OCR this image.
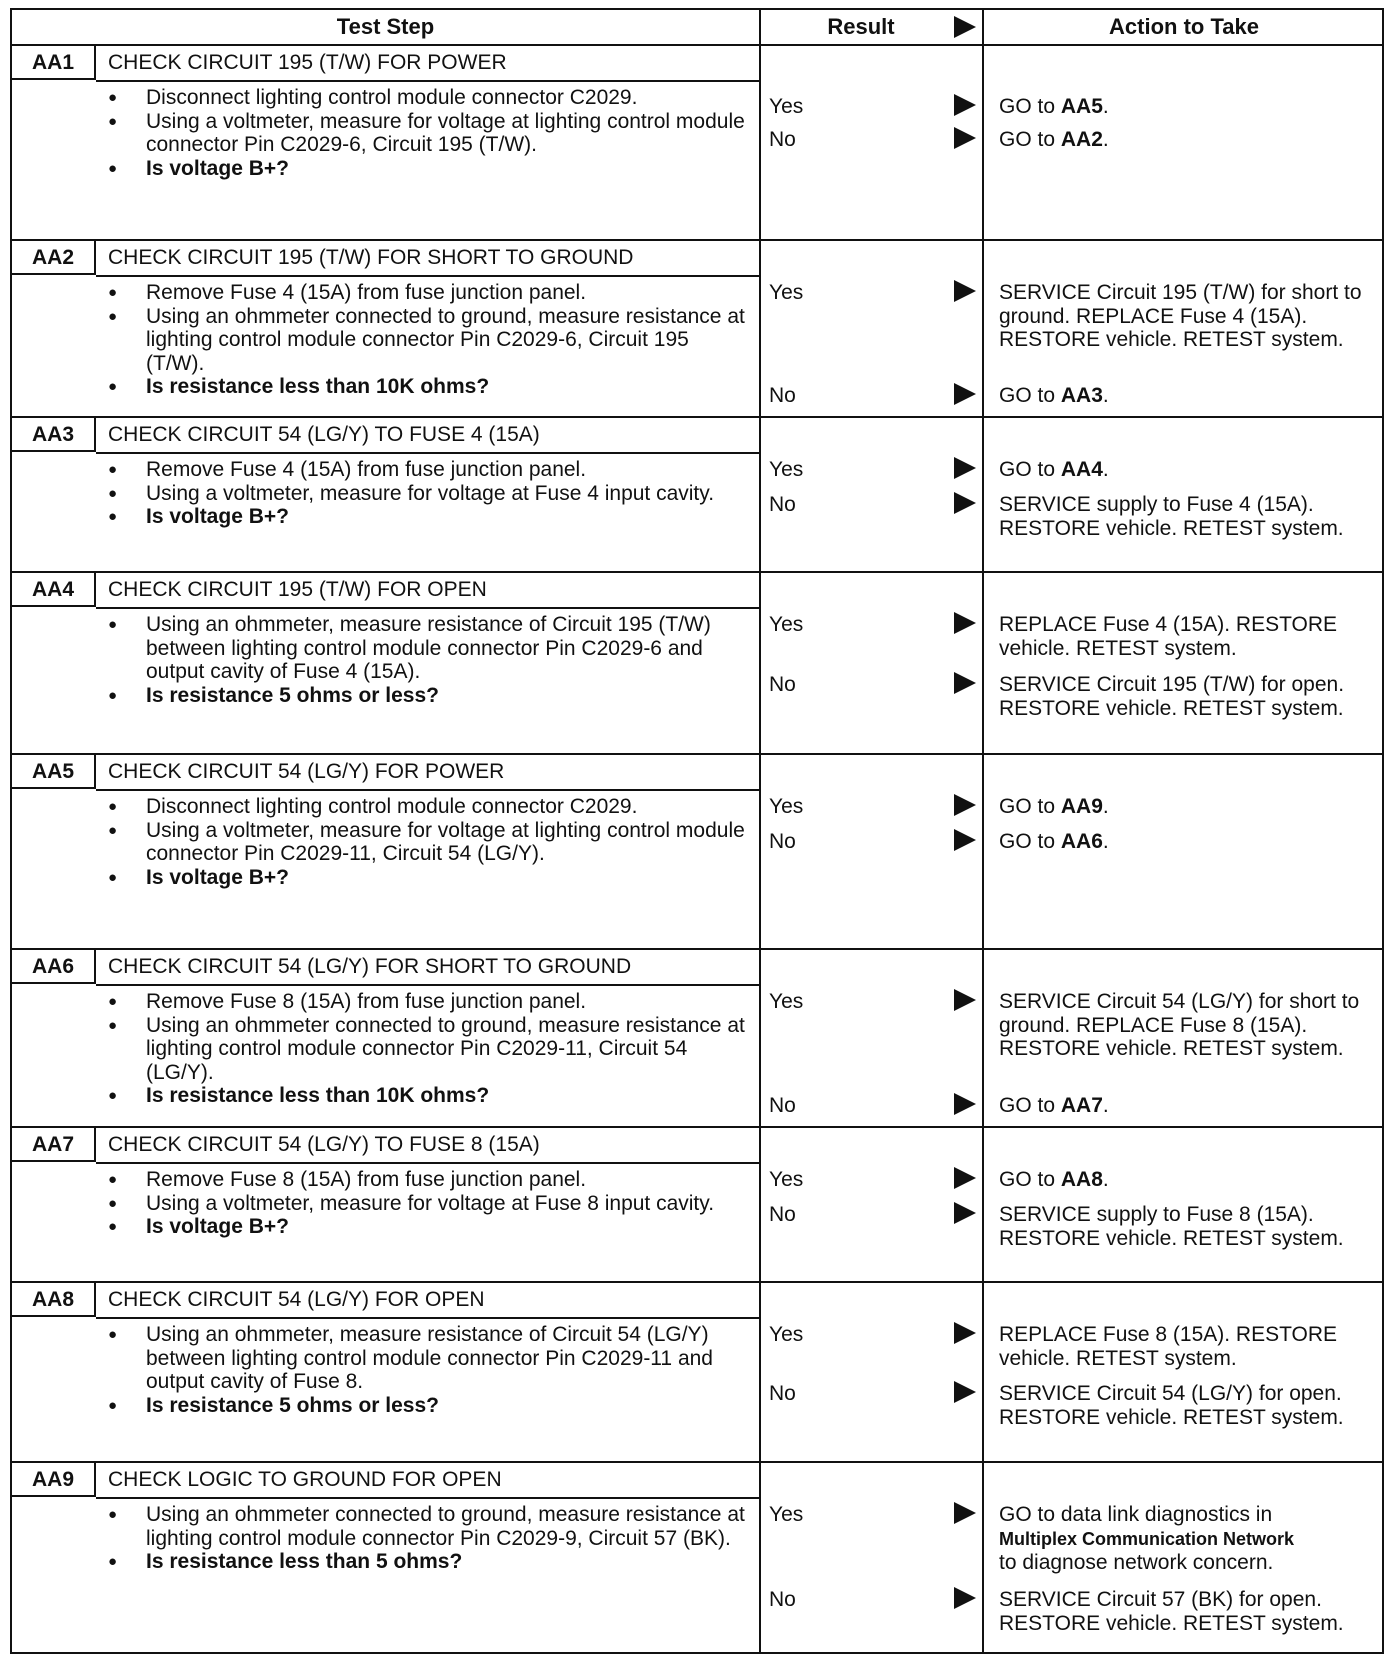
Test Step	Result	Action to Take
AA1	CHECK CIRCUIT 195 (T/W) FOR POWER
● Disconnect lighting control module connector C2029.
● Using a voltmeter, measure for voltage at lighting control module connector Pin C2029-6, Circuit 195 (T/W).
● Is voltage B+?
Yes	GO to AA5.
No	GO to AA2.
AA2	CHECK CIRCUIT 195 (T/W) FOR SHORT TO GROUND
● Remove Fuse 4 (15A) from fuse junction panel.
● Using an ohmmeter connected to ground, measure resistance at lighting control module connector Pin C2029-6, Circuit 195 (T/W).
● Is resistance less than 10K ohms?
Yes	SERVICE Circuit 195 (T/W) for short to ground. REPLACE Fuse 4 (15A). RESTORE vehicle. RETEST system.
No	GO to AA3.
AA3	CHECK CIRCUIT 54 (LG/Y) TO FUSE 4 (15A)
● Remove Fuse 4 (15A) from fuse junction panel.
● Using a voltmeter, measure for voltage at Fuse 4 input cavity.
● Is voltage B+?
Yes	GO to AA4.
No	SERVICE supply to Fuse 4 (15A). RESTORE vehicle. RETEST system.
AA4	CHECK CIRCUIT 195 (T/W) FOR OPEN
● Using an ohmmeter, measure resistance of Circuit 195 (T/W) between lighting control module connector Pin C2029-6 and output cavity of Fuse 4 (15A).
● Is resistance 5 ohms or less?
Yes	REPLACE Fuse 4 (15A). RESTORE vehicle. RETEST system.
No	SERVICE Circuit 195 (T/W) for open. RESTORE vehicle. RETEST system.
AA5	CHECK CIRCUIT 54 (LG/Y) FOR POWER
● Disconnect lighting control module connector C2029.
● Using a voltmeter, measure for voltage at lighting control module connector Pin C2029-11, Circuit 54 (LG/Y).
● Is voltage B+?
Yes	GO to AA9.
No	GO to AA6.
AA6	CHECK CIRCUIT 54 (LG/Y) FOR SHORT TO GROUND
● Remove Fuse 8 (15A) from fuse junction panel.
● Using an ohmmeter connected to ground, measure resistance at lighting control module connector Pin C2029-11, Circuit 54 (LG/Y).
● Is resistance less than 10K ohms?
Yes	SERVICE Circuit 54 (LG/Y) for short to ground. REPLACE Fuse 8 (15A). RESTORE vehicle. RETEST system.
No	GO to AA7.
AA7	CHECK CIRCUIT 54 (LG/Y) TO FUSE 8 (15A)
● Remove Fuse 8 (15A) from fuse junction panel.
● Using a voltmeter, measure for voltage at Fuse 8 input cavity.
● Is voltage B+?
Yes	GO to AA8.
No	SERVICE supply to Fuse 8 (15A). RESTORE vehicle. RETEST system.
AA8	CHECK CIRCUIT 54 (LG/Y) FOR OPEN
● Using an ohmmeter, measure resistance of Circuit 54 (LG/Y) between lighting control module connector Pin C2029-11 and output cavity of Fuse 8.
● Is resistance 5 ohms or less?
Yes	REPLACE Fuse 8 (15A). RESTORE vehicle. RETEST system.
No	SERVICE Circuit 54 (LG/Y) for open. RESTORE vehicle. RETEST system.
AA9	CHECK LOGIC TO GROUND FOR OPEN
● Using an ohmmeter connected to ground, measure resistance at lighting control module connector Pin C2029-9, Circuit 57 (BK).
● Is resistance less than 5 ohms?
Yes	GO to data link diagnostics in
Multiplex Communication Network
to diagnose network concern.
No	SERVICE Circuit 57 (BK) for open. RESTORE vehicle. RETEST system.
